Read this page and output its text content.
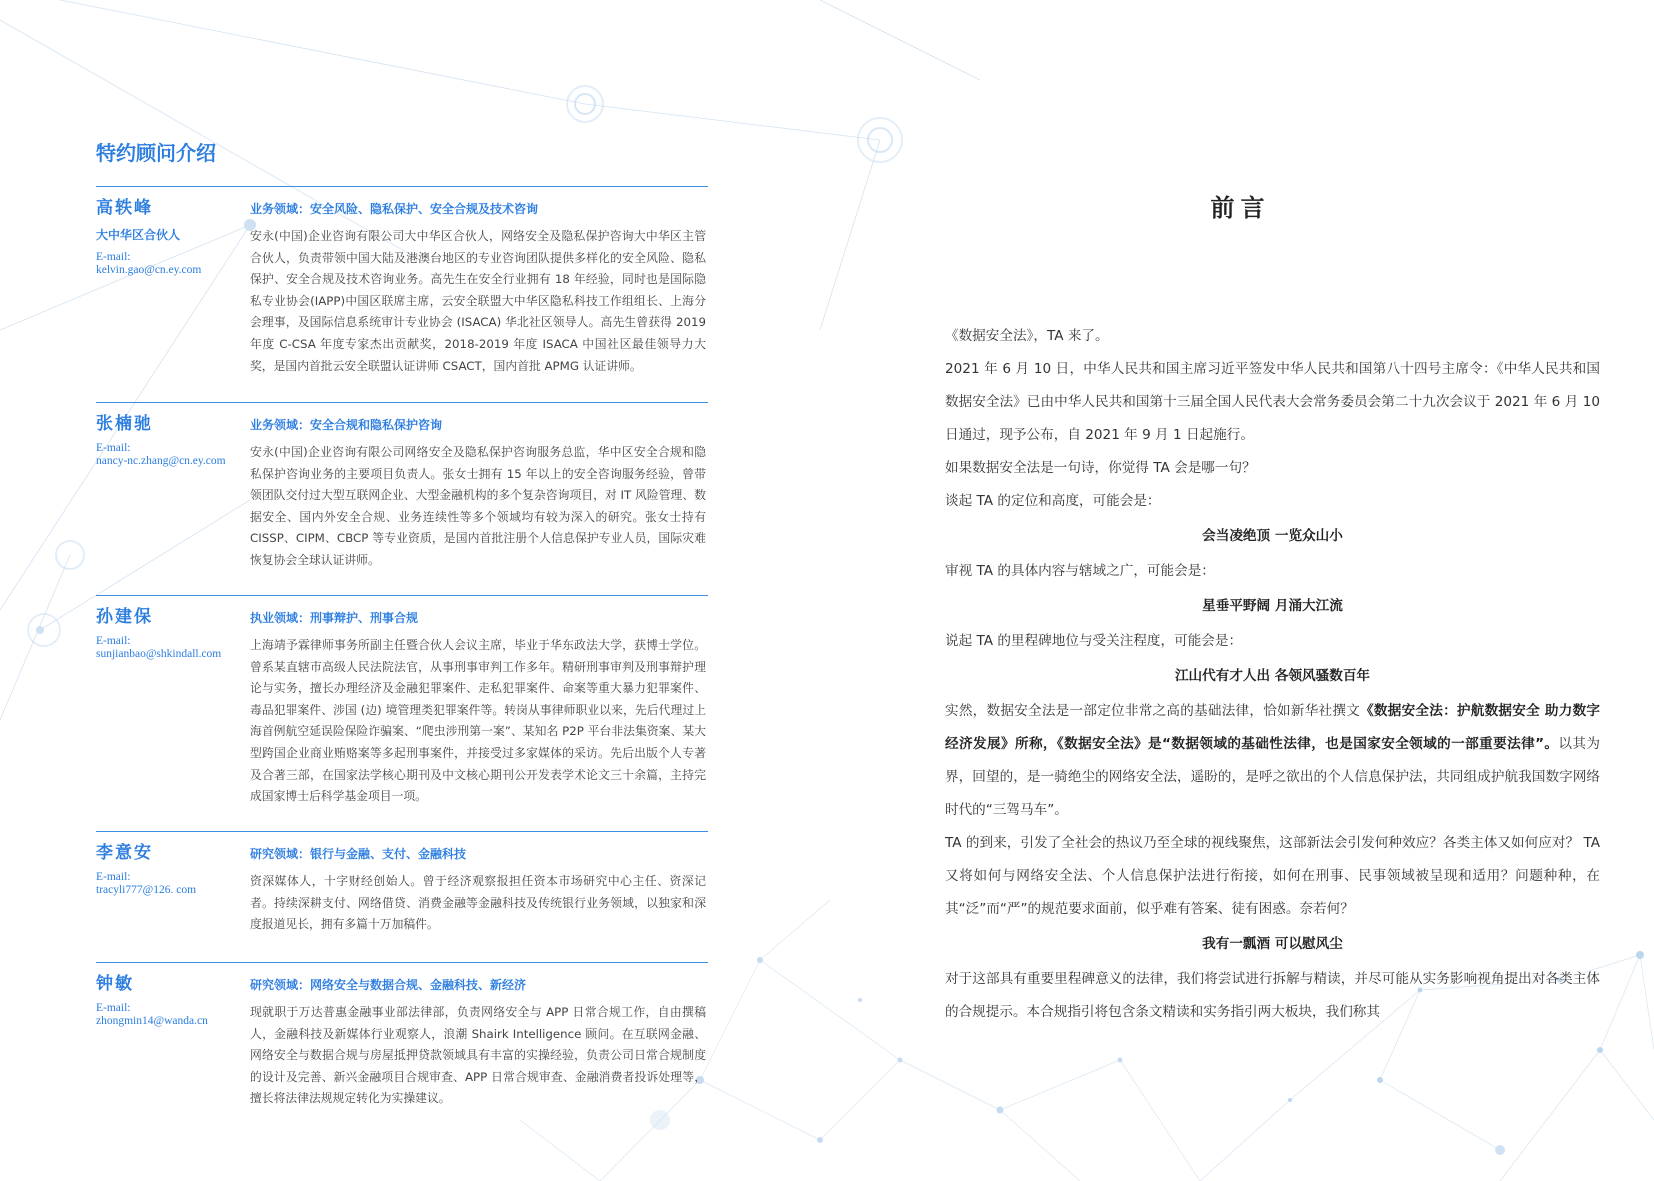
特约顾问介绍
高轶峰
大中华区合伙人
E-mail:
kelvin.gao@cn.ey.com
业务领域：安全风险、隐私保护、安全合规及技术咨询
安永(中国)企业咨询有限公司大中华区合伙人，网络安全及隐私保护咨询大中华区主管合伙人，负责带领中国大陆及港澳台地区的专业咨询团队提供多样化的安全风险、隐私保护、安全合规及技术咨询业务。高先生在安全行业拥有 18 年经验，同时也是国际隐私专业协会(IAPP)中国区联席主席，云安全联盟大中华区隐私科技工作组组长、上海分会理事，及国际信息系统审计专业协会 (ISACA) 华北社区领导人。高先生曾获得 2019 年度 C-CSA 年度专家杰出贡献奖，2018-2019 年度 ISACA 中国社区最佳领导力大奖，是国内首批云安全联盟认证讲师 CSACT，国内首批 APMG 认证讲师。
张楠驰
E-mail:
nancy-nc.zhang@cn.ey.com
业务领域：安全合规和隐私保护咨询
安永(中国)企业咨询有限公司网络安全及隐私保护咨询服务总监，华中区安全合规和隐私保护咨询业务的主要项目负责人。张女士拥有 15 年以上的安全咨询服务经验，曾带领团队交付过大型互联网企业、大型金融机构的多个复杂咨询项目，对 IT 风险管理、数据安全、国内外安全合规、业务连续性等多个领域均有较为深入的研究。张女士持有 CISSP、CIPM、CBCP 等专业资质，是国内首批注册个人信息保护专业人员，国际灾难恢复协会全球认证讲师。
孙建保
E-mail:
sunjianbao@shkindall.com
执业领域：刑事辩护、刑事合规
上海靖予霖律师事务所副主任暨合伙人会议主席，毕业于华东政法大学，获博士学位。曾系某直辖市高级人民法院法官，从事刑事审判工作多年。精研刑事审判及刑事辩护理论与实务，擅长办理经济及金融犯罪案件、走私犯罪案件、命案等重大暴力犯罪案件、毒品犯罪案件、涉国 (边) 境管理类犯罪案件等。转岗从事律师职业以来，先后代理过上海首例航空延误险保险诈骗案、“爬虫涉刑第一案”、某知名 P2P 平台非法集资案、某大型跨国企业商业贿赂案等多起刑事案件，并接受过多家媒体的采访。先后出版个人专著及合著三部，在国家法学核心期刊及中文核心期刊公开发表学术论文三十余篇，主持完成国家博士后科学基金项目一项。
李意安
E-mail:
tracyli777@126. com
研究领域：银行与金融、支付、金融科技
资深媒体人，十字财经创始人。曾于经济观察报担任资本市场研究中心主任、资深记者。持续深耕支付、网络借贷、消费金融等金融科技及传统银行业务领域，以独家和深度报道见长，拥有多篇十万加稿件。
钟敏
E-mail:
zhongmin14@wanda.cn
研究领域：网络安全与数据合规、金融科技、新经济
现就职于万达普惠金融事业部法律部，负责网络安全与 APP 日常合规工作，自由撰稿人，金融科技及新媒体行业观察人，浪潮 Shairk Intelligence 顾问。在互联网金融、网络安全与数据合规与房屋抵押贷款领域具有丰富的实操经验，负责公司日常合规制度的设计及完善、新兴金融项目合规审查、APP 日常合规审查、金融消费者投诉处理等，擅长将法律法规规定转化为实操建议。
前言
《数据安全法》，TA 来了。
2021 年 6 月 10 日，中华人民共和国主席习近平签发中华人民共和国第八十四号主席令：《中华人民共和国数据安全法》已由中华人民共和国第十三届全国人民代表大会常务委员会第二十九次会议于 2021 年 6 月 10 日通过，现予公布，自 2021 年 9 月 1 日起施行。
如果数据安全法是一句诗，你觉得 TA 会是哪一句？
谈起 TA 的定位和高度，可能会是：
会当凌绝顶 一览众山小
审视 TA 的具体内容与辖域之广，可能会是：
星垂平野阔 月涌大江流
说起 TA 的里程碑地位与受关注程度，可能会是：
江山代有才人出 各领风骚数百年
实然，数据安全法是一部定位非常之高的基础法律，恰如新华社撰文《数据安全法：护航数据安全 助力数字经济发展》所称，《数据安全法》是“数据领域的基础性法律，也是国家安全领域的一部重要法律”。以其为界，回望的，是一骑绝尘的网络安全法，遥盼的，是呼之欲出的个人信息保护法，共同组成护航我国数字网络时代的“三驾马车”。
TA 的到来，引发了全社会的热议乃至全球的视线聚焦，这部新法会引发何种效应？各类主体又如何应对？ TA 又将如何与网络安全法、个人信息保护法进行衔接，如何在刑事、民事领域被呈现和适用？问题种种，在其“泛”而“严”的规范要求面前，似乎难有答案、徒有困惑。奈若何？
我有一瓢酒 可以慰风尘
对于这部具有重要里程碑意义的法律，我们将尝试进行拆解与精读，并尽可能从实务影响视角提出对各类主体的合规提示。本合规指引将包含条文精读和实务指引两大板块，我们称其
